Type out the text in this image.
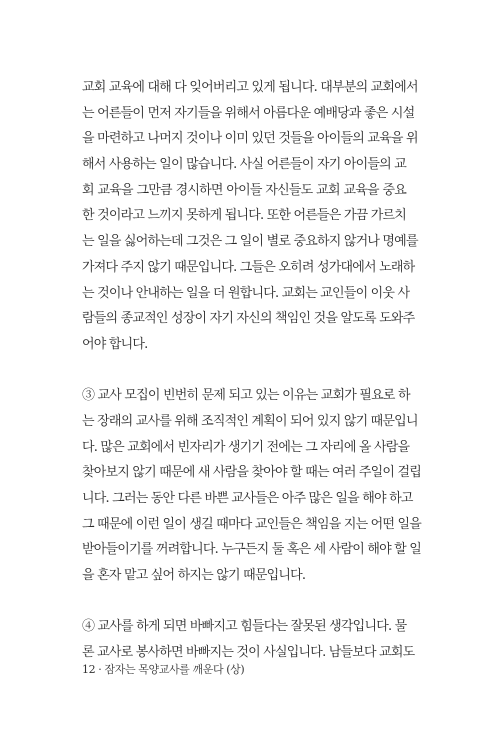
교회 교육에 대해 다 잊어버리고 있게 됩니다. 대부분의 교회에서
는 어른들이 먼저 자기들을 위해서 아름다운 예배당과 좋은 시설
을 마련하고 나머지 것이나 이미 있던 것들을 아이들의 교육을 위
해서 사용하는 일이 많습니다. 사실 어른들이 자기 아이들의 교
회 교육을 그만큼 경시하면 아이들 자신들도 교회 교육을 중요
한 것이라고 느끼지 못하게 됩니다. 또한 어른들은 가끔 가르치
는 일을 싫어하는데 그것은 그 일이 별로 중요하지 않거나 명예를
가져다 주지 않기 때문입니다. 그들은 오히려 성가대에서 노래하
는 것이나 안내하는 일을 더 원합니다. 교회는 교인들이 이웃 사
람들의 종교적인 성장이 자기 자신의 책임인 것을 알도록 도와주
어야 합니다.
③ 교사 모집이 빈번히 문제 되고 있는 이유는 교회가 필요로 하
는 장래의 교사를 위해 조직적인 계획이 되어 있지 않기 때문입니
다. 많은 교회에서 빈자리가 생기기 전에는 그 자리에 올 사람을
찾아보지 않기 때문에 새 사람을 찾아야 할 때는 여러 주일이 걸립
니다. 그러는 동안 다른 바쁜 교사들은 아주 많은 일을 해야 하고
그 때문에 이런 일이 생길 때마다 교인들은 책임을 지는 어떤 일을
받아들이기를 꺼려합니다. 누구든지 둘 혹은 세 사람이 해야 할 일
을 혼자 맡고 싶어 하지는 않기 때문입니다.
④ 교사를 하게 되면 바빠지고 힘들다는 잘못된 생각입니다. 물
론 교사로 봉사하면 바빠지는 것이 사실입니다. 남들보다 교회도
12 · 잠자는 목양교사를 깨운다 (상)
